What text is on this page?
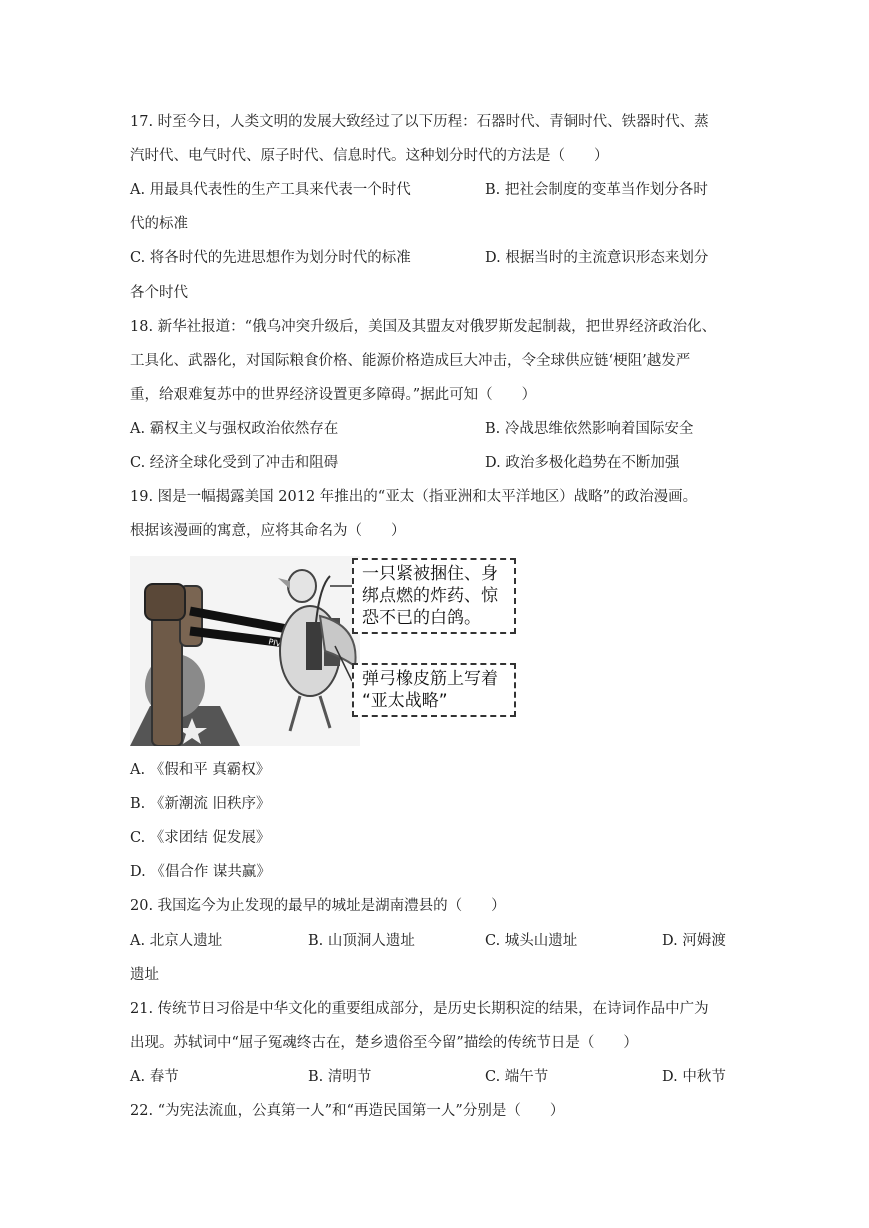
17. 时至今日，人类文明的发展大致经过了以下历程：石器时代、青铜时代、铁器时代、蒸
汽时代、电气时代、原子时代、信息时代。这种划分时代的方法是（　　）
A. 用最具代表性的生产工具来代表一个时代	B. 把社会制度的变革当作划分各时
代的标准
C. 将各时代的先进思想作为划分时代的标准	D. 根据当时的主流意识形态来划分
各个时代
18. 新华社报道：“俄乌冲突升级后，美国及其盟友对俄罗斯发起制裁，把世界经济政治化、
工具化、武器化，对国际粮食价格、能源价格造成巨大冲击，令全球供应链‘梗阻’越发严
重，给艰难复苏中的世界经济设置更多障碍。”据此可知（　　）
A. 霸权主义与强权政治依然存在	B. 冷战思维依然影响着国际安全
C. 经济全球化受到了冲击和阻碍	D. 政治多极化趋势在不断加强
19. 图是一幅揭露美国 2012 年推出的“亚太（指亚洲和太平洋地区）战略”的政治漫画。
根据该漫画的寓意，应将其命名为（　　）
一只紧被捆住、身
绑点燃的炸药、惊
恐不已的白鸽。
弹弓橡皮筋上写着
“亚太战略”
A. 《假和平 真霸权》
B. 《新潮流 旧秩序》
C. 《求团结 促发展》
D. 《倡合作 谋共赢》
20. 我国迄今为止发现的最早的城址是湖南澧县的（　　）
A. 北京人遗址	B. 山顶洞人遗址	C. 城头山遗址	D. 河姆渡
遗址
21. 传统节日习俗是中华文化的重要组成部分，是历史长期积淀的结果，在诗词作品中广为
出现。苏轼词中“屈子冤魂终古在，楚乡遗俗至今留”描绘的传统节日是（　　）
A. 春节	B. 清明节	C. 端午节	D. 中秋节
22. “为宪法流血，公真第一人”和“再造民国第一人”分别是（　　）
